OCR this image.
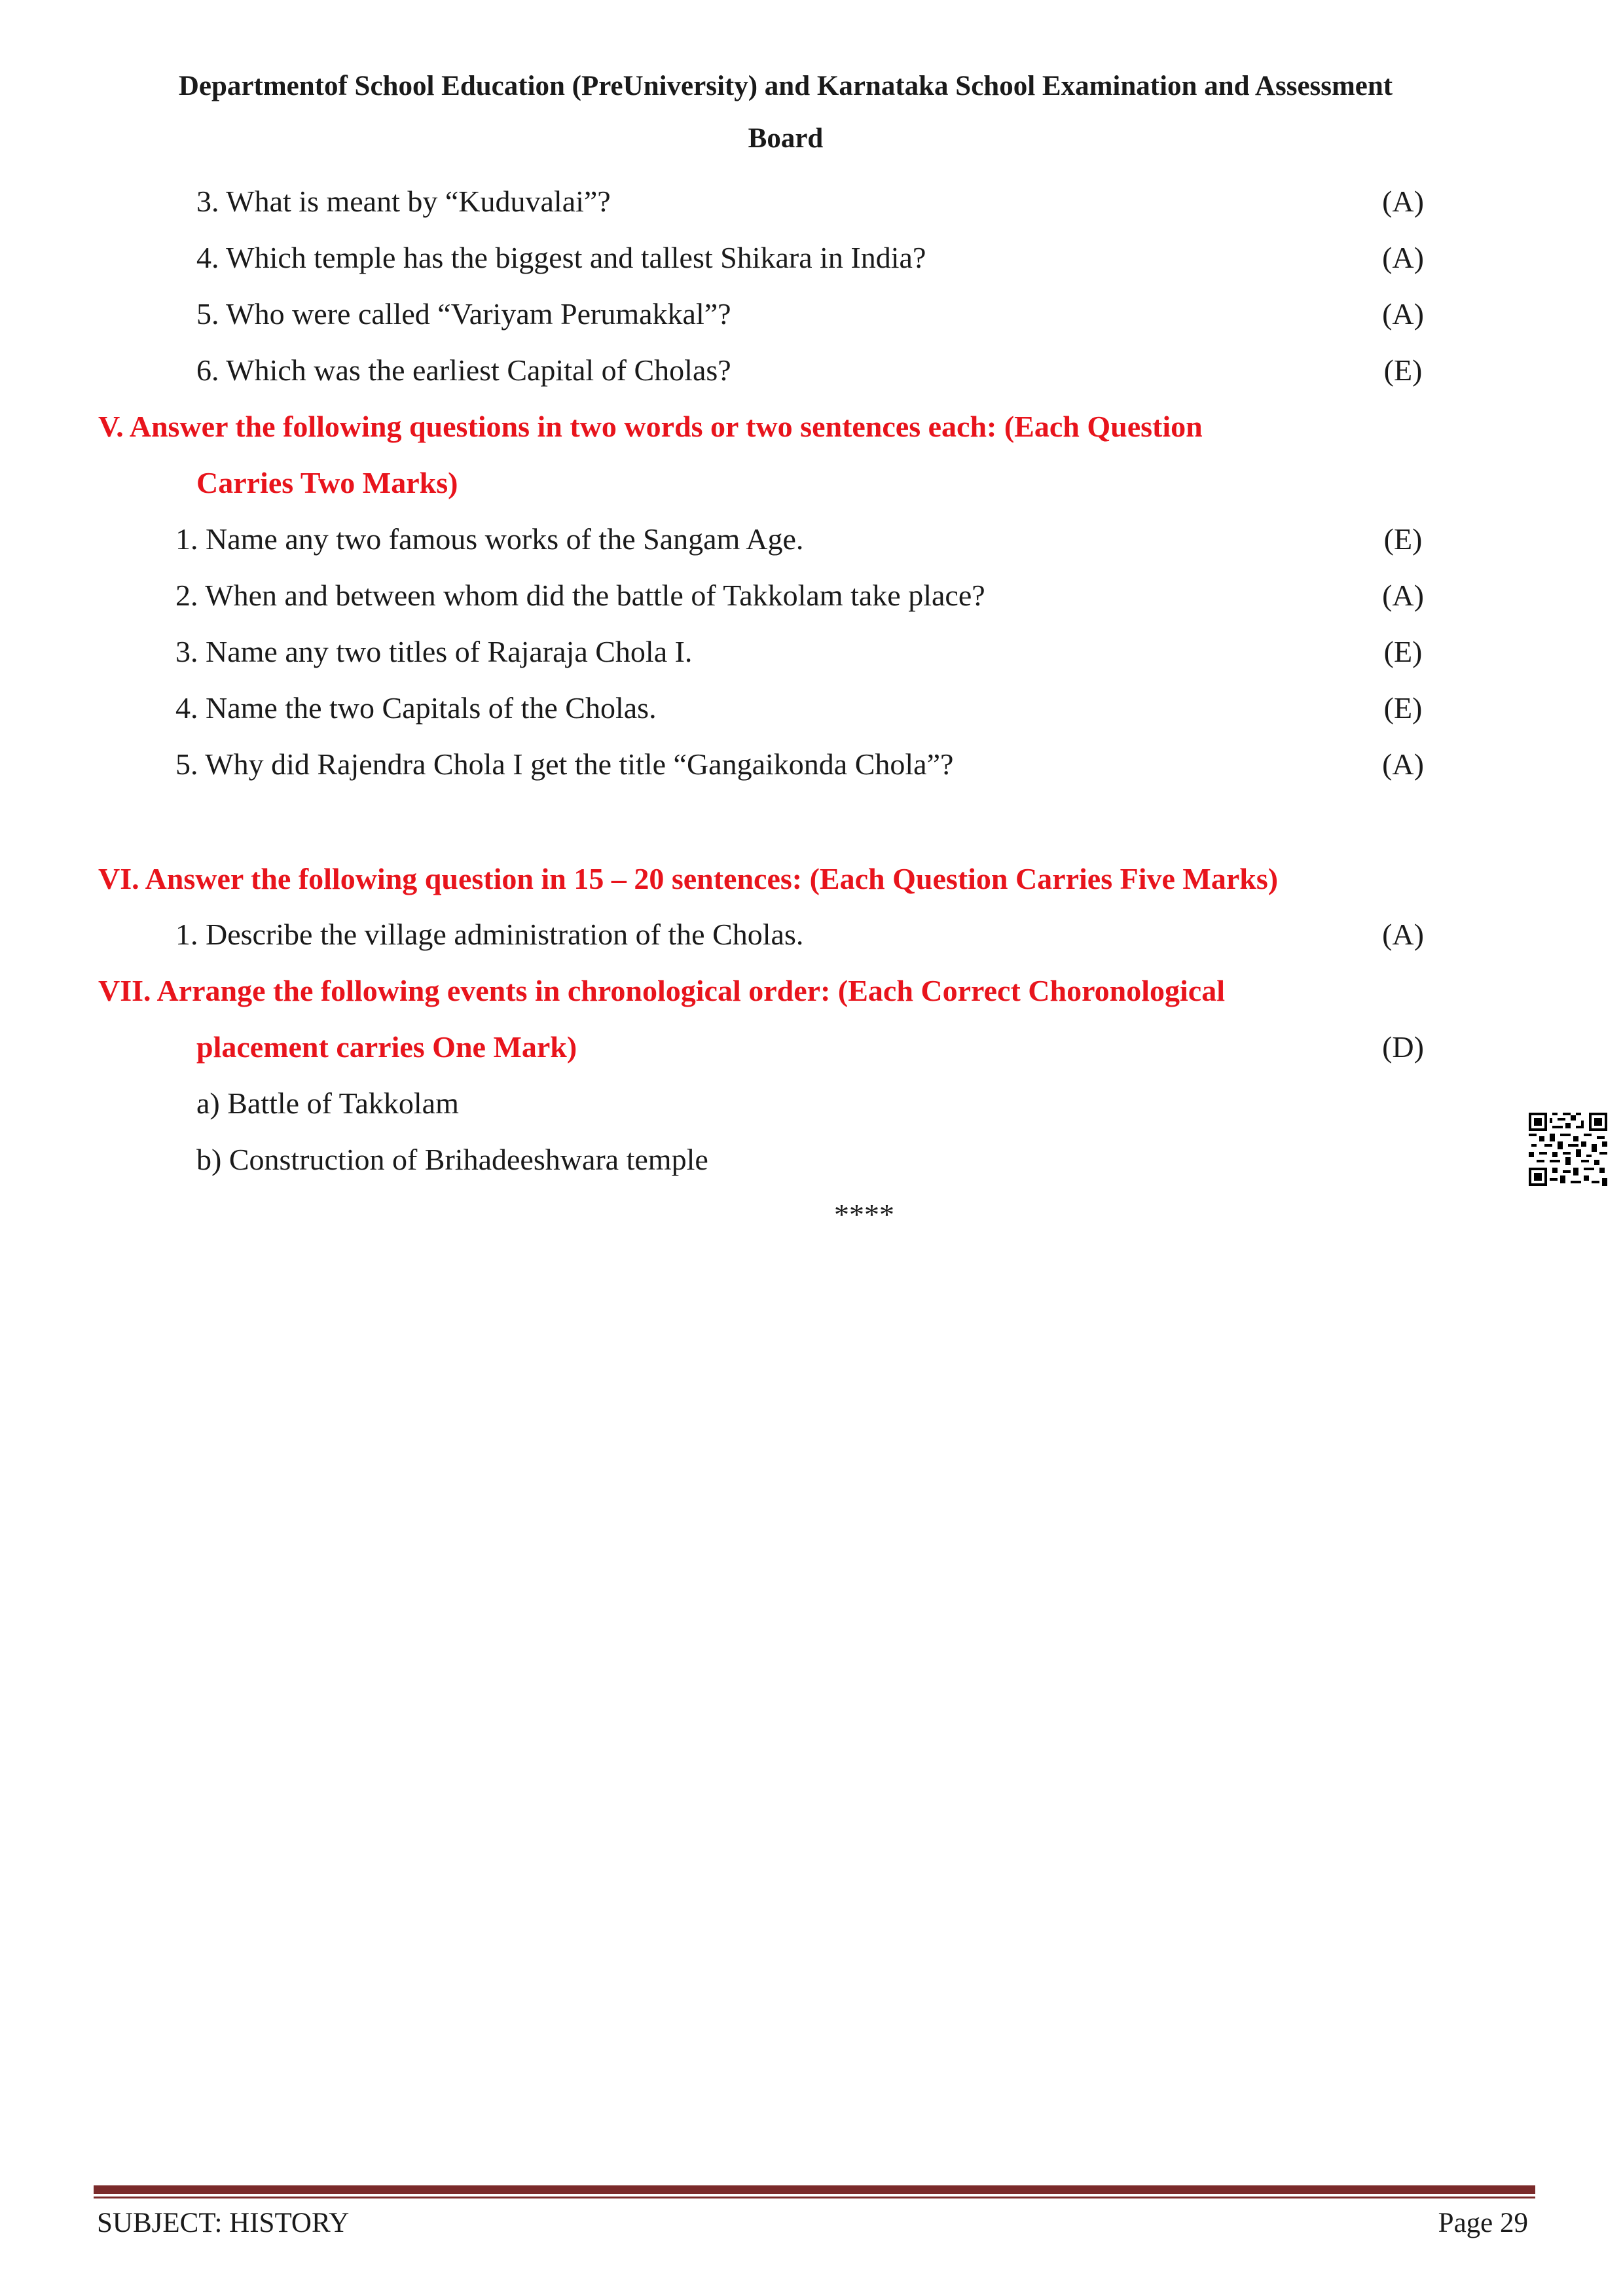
Departmentof School Education (PreUniversity) and Karnataka School Examination and Assessment
Board
3. What is meant by “Kuduvalai”?	(A)
4. Which temple has the biggest and tallest Shikara in India?	(A)
5. Who were called “Variyam Perumakkal”?	(A)
6. Which was the earliest Capital of Cholas?	(E)
V. Answer the following questions in two words or two sentences each: (Each Question
Carries Two Marks)
1. Name any two famous works of the Sangam Age.	(E)
2. When and between whom did the battle of Takkolam take place?	(A)
3. Name any two titles of Rajaraja Chola I.	(E)
4. Name the two Capitals of the Cholas.	(E)
5. Why did Rajendra Chola I get the title “Gangaikonda Chola”?	(A)
VI. Answer the following question in 15 – 20 sentences: (Each Question Carries Five Marks)
1. Describe the village administration of the Cholas.	(A)
VII. Arrange the following events in chronological order: (Each Correct Choronological
placement carries One Mark)	(D)
a) Battle of Takkolam
b) Construction of Brihadeeshwara temple
****
SUBJECT: HISTORY	Page 29
